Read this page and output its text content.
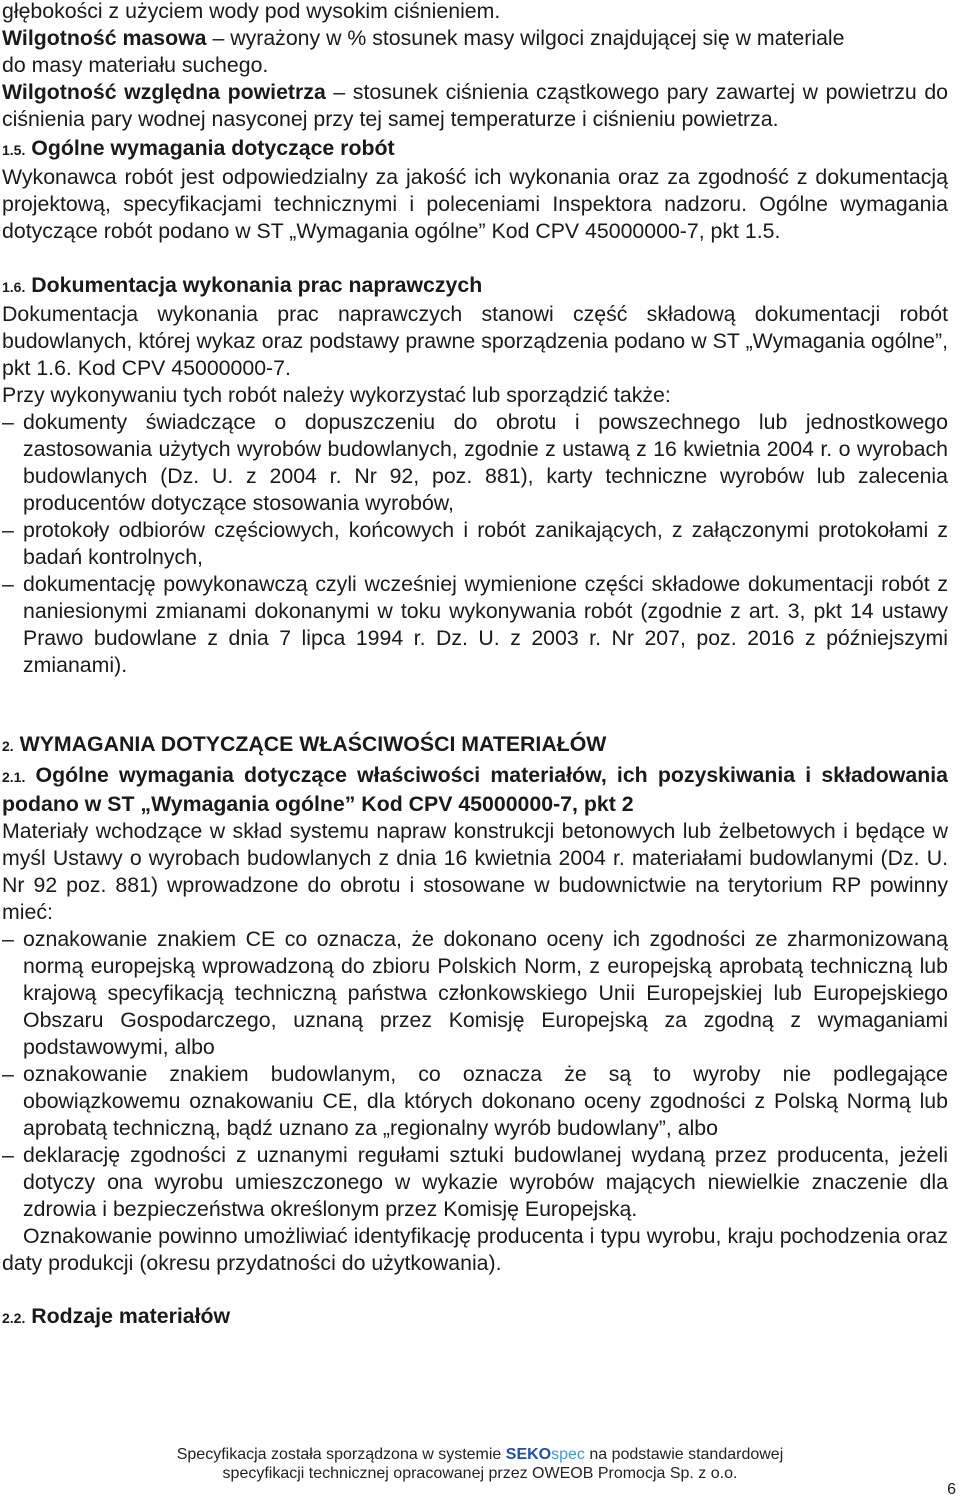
głębokości z użyciem wody pod wysokim ciśnieniem.

Wilgotność masowa – wyrażony w % stosunek masy wilgoci znajdującej się w materiale
do masy materiału suchego.

Wilgotność względna powietrza – stosunek ciśnienia cząstkowego pary zawartej w powietrzu do ciśnienia pary wodnej nasyconej przy tej samej temperaturze i ciśnieniu powietrza.

1.5. Ogólne wymagania dotyczące robót

Wykonawca robót jest odpowiedzialny za jakość ich wykonania oraz za zgodność z dokumentacją projektową, specyfikacjami technicznymi i poleceniami Inspektora nadzoru. Ogólne wymagania dotyczące robót podano w ST „Wymagania ogólne” Kod CPV 45000000-7, pkt 1.5.

1.6. Dokumentacja wykonania prac naprawczych

Dokumentacja wykonania prac naprawczych stanowi część składową dokumentacji robót budowlanych, której wykaz oraz podstawy prawne sporządzenia podano w ST „Wymagania ogólne”, pkt 1.6. Kod CPV 45000000-7.

Przy wykonywaniu tych robót należy wykorzystać lub sporządzić także:

– dokumenty świadczące o dopuszczeniu do obrotu i powszechnego lub jednostkowego zastosowania użytych wyrobów budowlanych, zgodnie z ustawą z 16 kwietnia 2004 r. o wyrobach budowlanych (Dz. U. z 2004 r. Nr 92, poz. 881), karty techniczne wyrobów lub zalecenia producentów dotyczące stosowania wyrobów,
– protokoły odbiorów częściowych, końcowych i robót zanikających, z załączonymi protokołami z badań kontrolnych,
– dokumentację powykonawczą czyli wcześniej wymienione części składowe dokumentacji robót z naniesionymi zmianami dokonanymi w toku wykonywania robót (zgodnie z art. 3, pkt 14 ustawy Prawo budowlane z dnia 7 lipca 1994 r. Dz. U. z 2003 r. Nr 207, poz. 2016 z późniejszymi zmianami).

2. WYMAGANIA DOTYCZĄCE WŁAŚCIWOŚCI MATERIAŁÓW

2.1. Ogólne wymagania dotyczące właściwości materiałów, ich pozyskiwania i składowania podano w ST „Wymagania ogólne” Kod CPV 45000000-7, pkt 2

Materiały wchodzące w skład systemu napraw konstrukcji betonowych lub żelbetowych i będące w myśl Ustawy o wyrobach budowlanych z dnia 16 kwietnia 2004 r. materiałami budowlanymi (Dz. U. Nr 92 poz. 881) wprowadzone do obrotu i stosowane w budownictwie na terytorium RP powinny mieć:

– oznakowanie znakiem CE co oznacza, że dokonano oceny ich zgodności ze zharmonizowaną normą europejską wprowadzoną do zbioru Polskich Norm, z europejską aprobatą techniczną lub krajową specyfikacją techniczną państwa członkowskiego Unii Europejskiej lub Europejskiego Obszaru Gospodarczego, uznaną przez Komisję Europejską za zgodną z wymaganiami podstawowymi, albo
– oznakowanie znakiem budowlanym, co oznacza że są to wyroby nie podlegające obowiązkowemu oznakowaniu CE, dla których dokonano oceny zgodności z Polską Normą lub aprobatą techniczną, bądź uznano za „regionalny wyrób budowlany”, albo
– deklarację zgodności z uznanymi regułami sztuki budowlanej wydaną przez producenta, jeżeli dotyczy ona wyrobu umieszczonego w wykazie wyrobów mających niewielkie znaczenie dla zdrowia i bezpieczeństwa określonym przez Komisję Europejską.

Oznakowanie powinno umożliwiać identyfikację producenta i typu wyrobu, kraju pochodzenia oraz daty produkcji (okresu przydatności do użytkowania).

2.2. Rodzaje materiałów

Specyfikacja została sporządzona w systemie SEKOspec na podstawie standardowej
specyfikacji technicznej opracowanej przez OWEOB Promocja Sp. z o.o.
6
